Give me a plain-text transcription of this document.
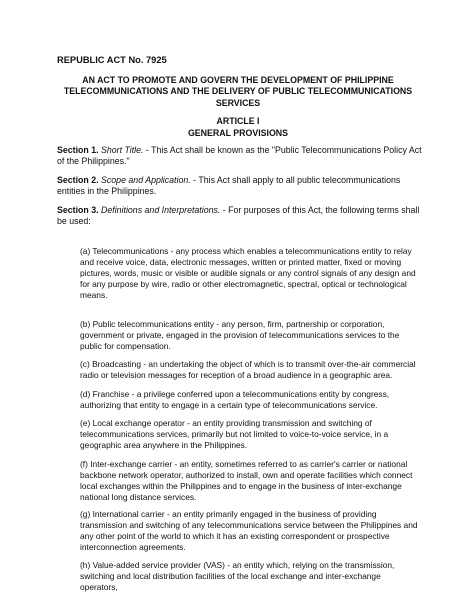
REPUBLIC ACT No. 7925

AN ACT TO PROMOTE AND GOVERN THE DEVELOPMENT OF PHILIPPINE
TELECOMMUNICATIONS AND THE DELIVERY OF PUBLIC TELECOMMUNICATIONS
SERVICES
ARTICLE I
GENERAL PROVISIONS

Section 1. Short Title. - This Act shall be known as the "Public Telecommunications Policy Act of the Philippines."

Section 2. Scope and Application. - This Act shall apply to all public telecommunications entities in the Philippines.

Section 3. Definitions and Interpretations. - For purposes of this Act, the following terms shall be used:

(a) Telecommunications - any process which enables a telecommunications entity to relay and receive voice, data, electronic messages, written or printed matter, fixed or moving pictures, words, music or visible or audible signals or any control signals of any design and for any purpose by wire, radio or other electromagnetic, spectral, optical or technological means.

(b) Public telecommunications entity - any person, firm, partnership or corporation, government or private, engaged in the provision of telecommunications services to the public for compensation.

(c) Broadcasting - an undertaking the object of which is to transmit over-the-air commercial radio or television messages for reception of a broad audience in a geographic area.

(d) Franchise - a privilege conferred upon a telecommunications entity by congress, authorizing that entity to engage in a certain type of telecommunications service.

(e) Local exchange operator - an entity providing transmission and switching of telecommunications services, primarily but not limited to voice-to-voice service, in a geographic area anywhere in the Philippines.

(f) Inter-exchange carrier - an entity, sometimes referred to as carrier's carrier or national backbone network operator, authorized to install, own and operate facilities which connect local exchanges within the Philippines and to engage in the business of inter-exchange national long distance services.

(g) International carrier - an entity primarily engaged in the business of providing transmission and switching of any telecommunications service between the Philippines and any other point of the world to which it has an existing correspondent or prospective interconnection agreements.

(h) Value-added service provider (VAS) - an entity which, relying on the transmission, switching and local distribution facilities of the local exchange and inter-exchange operators,
